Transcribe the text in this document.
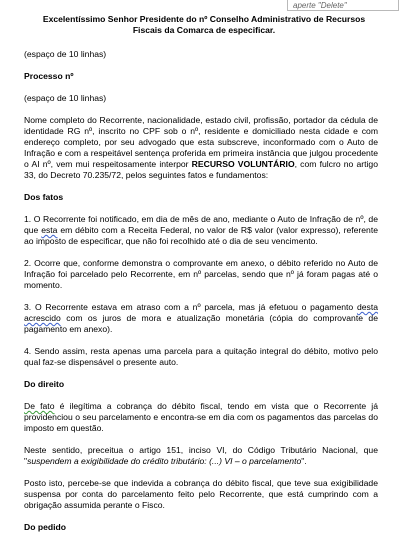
aperte "Delete"
Excelentíssimo Senhor Presidente do nº Conselho Administrativo de Recursos Fiscais da Comarca de especificar.
(espaço de 10 linhas)
Processo nº
(espaço de 10 linhas)
Nome completo do Recorrente, nacionalidade, estado civil, profissão, portador da cédula de identidade RG nº, inscrito no CPF sob o nº, residente e domiciliado nesta cidade e com endereço completo, por seu advogado que esta subscreve, inconformado com o Auto de Infração e com a respeitável sentença proferida em primeira instância que julgou procedente o AI nº, vem mui respeitosamente interpor RECURSO VOLUNTÁRIO, com fulcro no artigo 33, do Decreto 70.235/72, pelos seguintes fatos e fundamentos:
Dos fatos
1. O Recorrente foi notificado, em dia de mês de ano, mediante o Auto de Infração de nº, de que esta em débito com a Receita Federal, no valor de R$ valor (valor expresso), referente ao imposto de especificar, que não foi recolhido até o dia de seu vencimento.
2. Ocorre que, conforme demonstra o comprovante em anexo, o débito referido no Auto de Infração foi parcelado pelo Recorrente, em nº parcelas, sendo que nº já foram pagas até o momento.
3. O Recorrente estava em atraso com a nº parcela, mas já efetuou o pagamento desta acrescido com os juros de mora e atualização monetária (cópia do comprovante de pagamento em anexo).
4. Sendo assim, resta apenas uma parcela para a quitação integral do débito, motivo pelo qual faz-se dispensável o presente auto.
Do direito
De fato é ilegítima a cobrança do débito fiscal, tendo em vista que o Recorrente já providenciou o seu parcelamento e encontra-se em dia com os pagamentos das parcelas do imposto em questão.
Neste sentido, preceitua o artigo 151, inciso VI, do Código Tributário Nacional, que "suspendem a exigibilidade do crédito tributário: (...) VI – o parcelamento".
Posto isto, percebe-se que indevida a cobrança do débito fiscal, que teve sua exigibilidade suspensa por conta do parcelamento feito pelo Recorrente, que está cumprindo com a obrigação assumida perante o Fisco.
Do pedido
